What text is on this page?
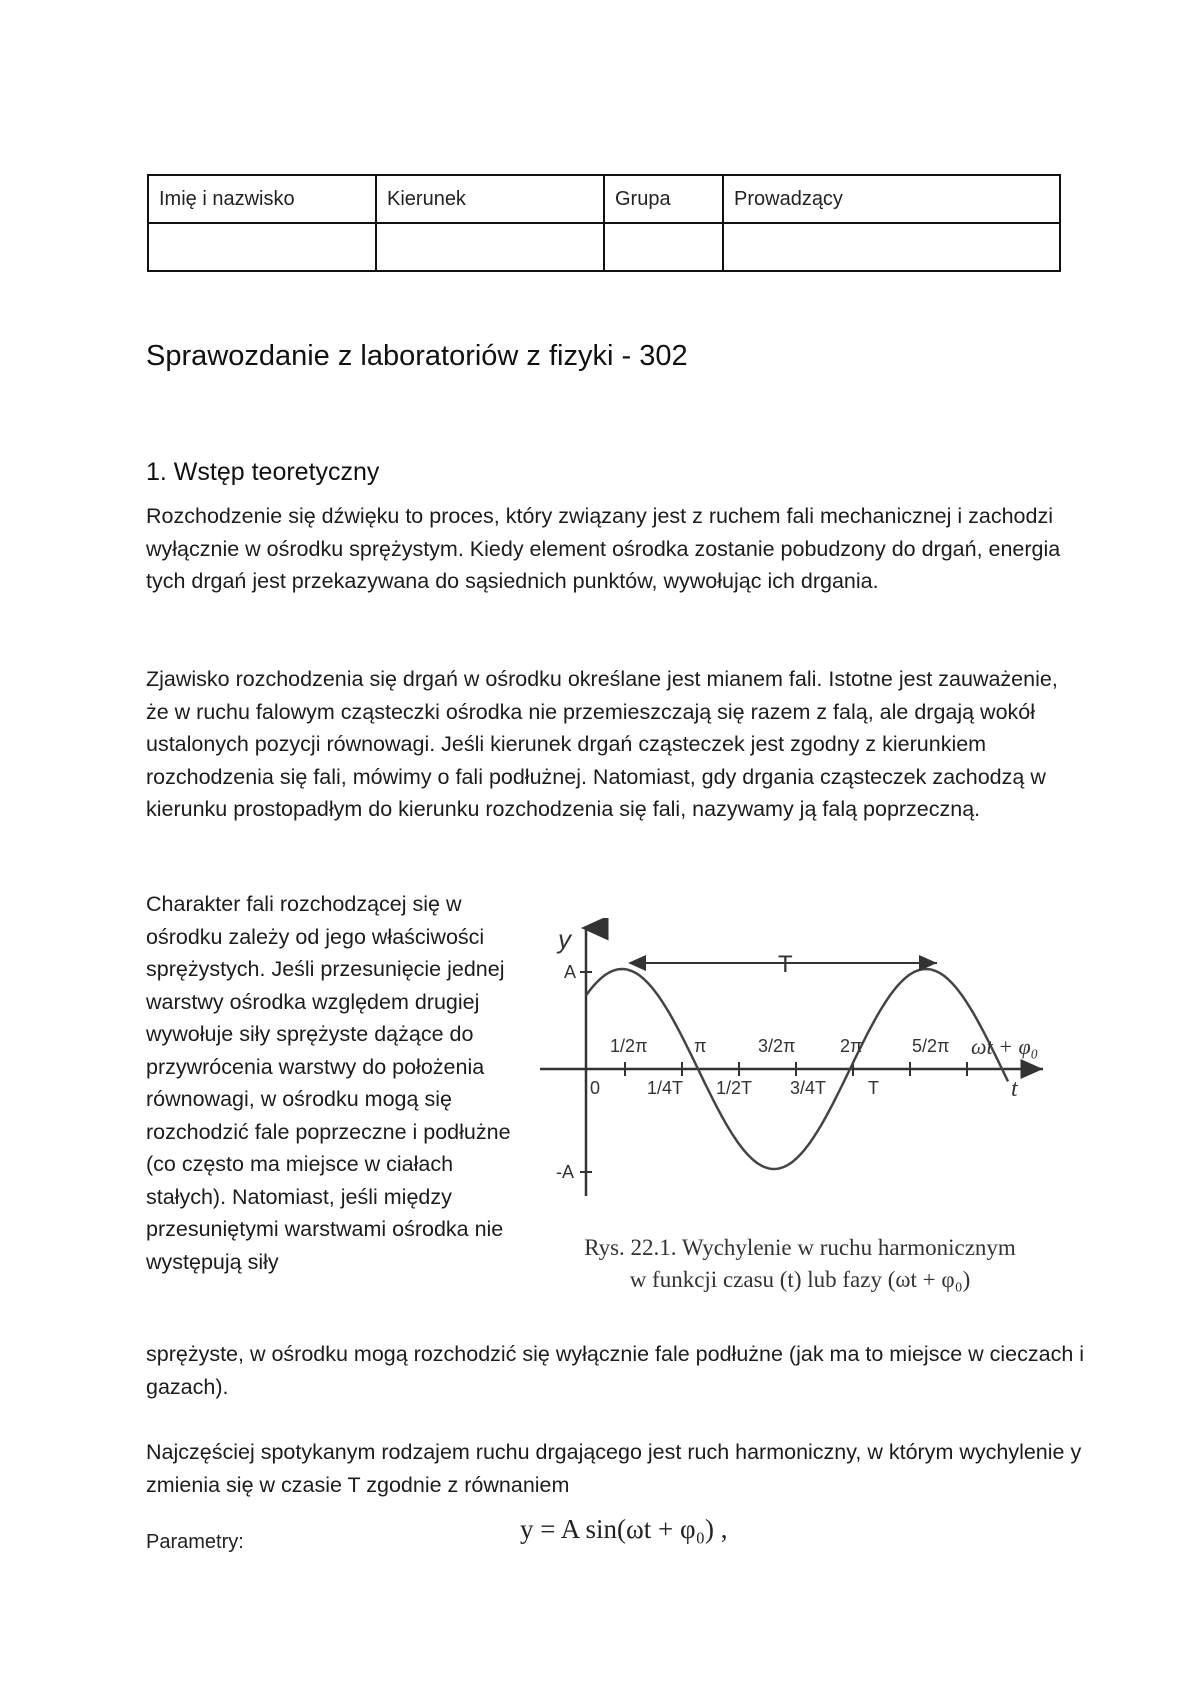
Imię i nazwisko	Kierunek	Grupa	Prowadzący

Sprawozdanie z laboratoriów z fizyki - 302
1. Wstęp teoretyczny

Rozchodzenie się dźwięku to proces, który związany jest z ruchem fali mechanicznej i zachodzi wyłącznie w ośrodku sprężystym. Kiedy element ośrodka zostanie pobudzony do drgań, energia tych drgań jest przekazywana do sąsiednich punktów, wywołując ich drgania.

Zjawisko rozchodzenia się drgań w ośrodku określane jest mianem fali. Istotne jest zauważenie, że w ruchu falowym cząsteczki ośrodka nie przemieszczają się razem z falą, ale drgają wokół ustalonych pozycji równowagi. Jeśli kierunek drgań cząsteczek jest zgodny z kierunkiem rozchodzenia się fali, mówimy o fali podłużnej. Natomiast, gdy drgania cząsteczek zachodzą w kierunku prostopadłym do kierunku rozchodzenia się fali, nazywamy ją falą poprzeczną.

Charakter fali rozchodzącej się w ośrodku zależy od jego właściwości sprężystych. Jeśli przesunięcie jednej warstwy ośrodka względem drugiej wywołuje siły sprężyste dążące do przywrócenia warstwy do położenia równowagi, w ośrodku mogą się rozchodzić fale poprzeczne i podłużne (co często ma miejsce w ciałach stałych). Natomiast, jeśli między przesuniętymi warstwami ośrodka nie występują siły

sprężyste, w ośrodku mogą rozchodzić się wyłącznie fale podłużne (jak ma to miejsce w cieczach i gazach).

Najczęściej spotykanym rodzajem ruchu drgającego jest ruch harmoniczny, w którym wychylenie y zmienia się w czasie T zgodnie z równaniem

T
y
A
-A
t
ωt + φ₀
1/2π	π	3/2π 2π	5/2π
0	1/4T 1/2T 3/4T T
Rys. 22.1. Wychylenie w ruchu harmonicznym
w funkcji czasu (t) lub fazy (ωt + φ₀)

y = A sin(ωt + φ₀) ,

Parametry:
